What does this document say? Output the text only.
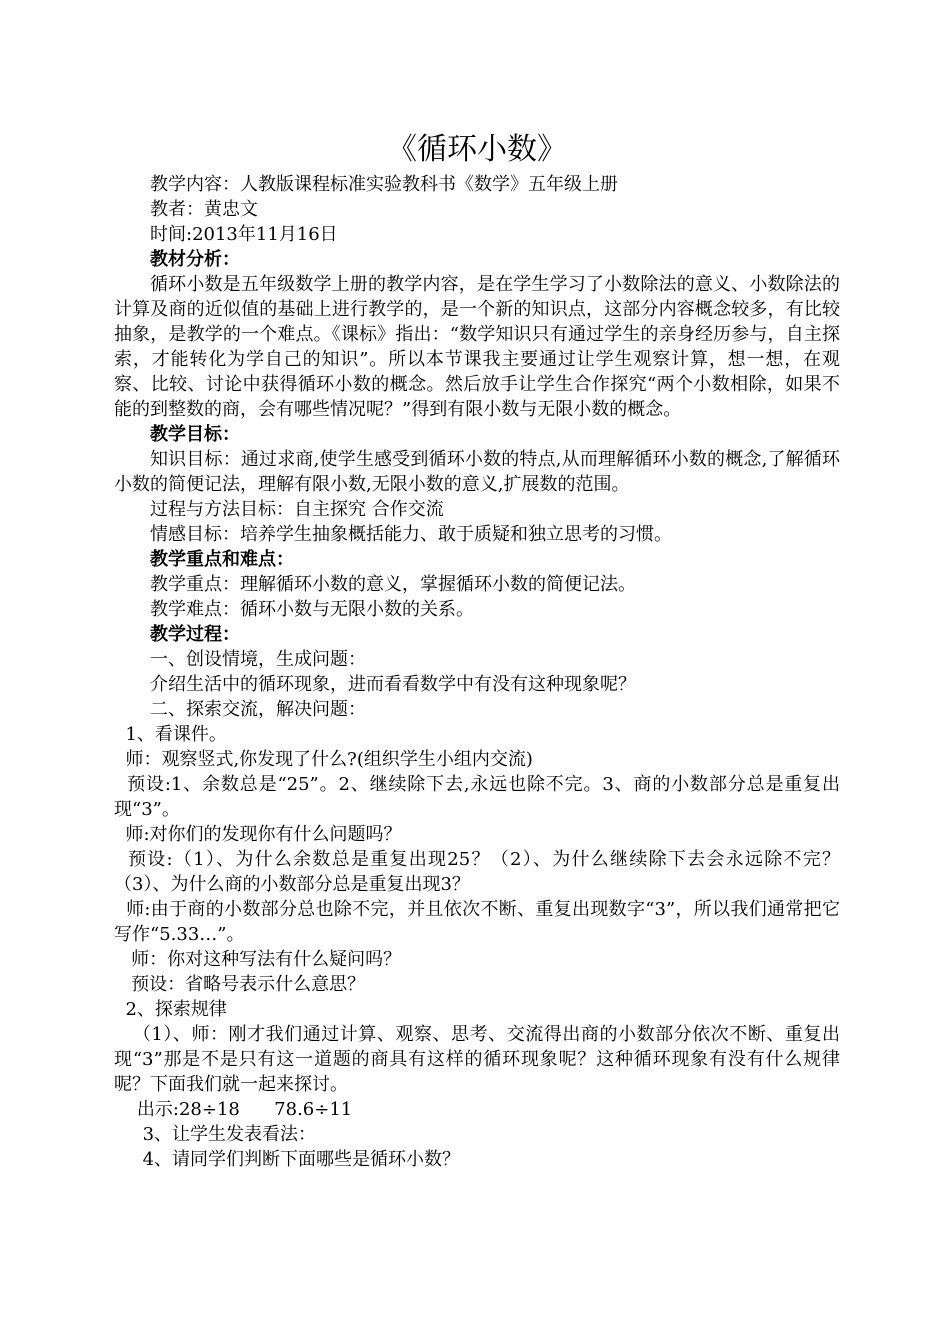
《循环小数》

教学内容：人教版课程标准实验教科书《数学》五年级上册

教者：黄忠文

时间:2013年11月16日

教材分析：

循环小数是五年级数学上册的教学内容，是在学生学习了小数除法的意义、小数除法的计算及商的近似值的基础上进行教学的，是一个新的知识点，这部分内容概念较多，有比较抽象，是教学的一个难点。《课标》指出：“数学知识只有通过学生的亲身经历参与，自主探索，才能转化为学自己的知识”。所以本节课我主要通过让学生观察计算，想一想，在观察、比较、讨论中获得循环小数的概念。然后放手让学生合作探究“两个小数相除，如果不能的到整数的商，会有哪些情况呢？”得到有限小数与无限小数的概念。

教学目标：

知识目标：通过求商,使学生感受到循环小数的特点,从而理解循环小数的概念,了解循环小数的简便记法，理解有限小数,无限小数的意义,扩展数的范围。

过程与方法目标：自主探究 合作交流

情感目标：培养学生抽象概括能力、敢于质疑和独立思考的习惯。

教学重点和难点：

教学重点：理解循环小数的意义，掌握循环小数的简便记法。

教学难点：循环小数与无限小数的关系。

教学过程：

一、创设情境，生成问题：

介绍生活中的循环现象，进而看看数学中有没有这种现象呢？

二、探索交流，解决问题：

1、看课件。

师：观察竖式,你发现了什么?(组织学生小组内交流)

预设:1、余数总是“25”。2、继续除下去,永远也除不完。3、商的小数部分总是重复出现“3”。

师:对你们的发现你有什么问题吗？

预设:（1）、为什么余数总是重复出现25？（2）、为什么继续除下去会永远除不完？（3）、为什么商的小数部分总是重复出现3？

师:由于商的小数部分总也除不完，并且依次不断、重复出现数字“3”，所以我们通常把它写作“5.33…”。

师：你对这种写法有什么疑问吗？

预设：省略号表示什么意思？

2、探索规律

（1）、师：刚才我们通过计算、观察、思考、交流得出商的小数部分依次不断、重复出现“3”那是不是只有这一道题的商具有这样的循环现象呢？这种循环现象有没有什么规律呢？下面我们就一起来探讨。

出示:28÷18      78.6÷11

3、让学生发表看法：

4、请同学们判断下面哪些是循环小数？
